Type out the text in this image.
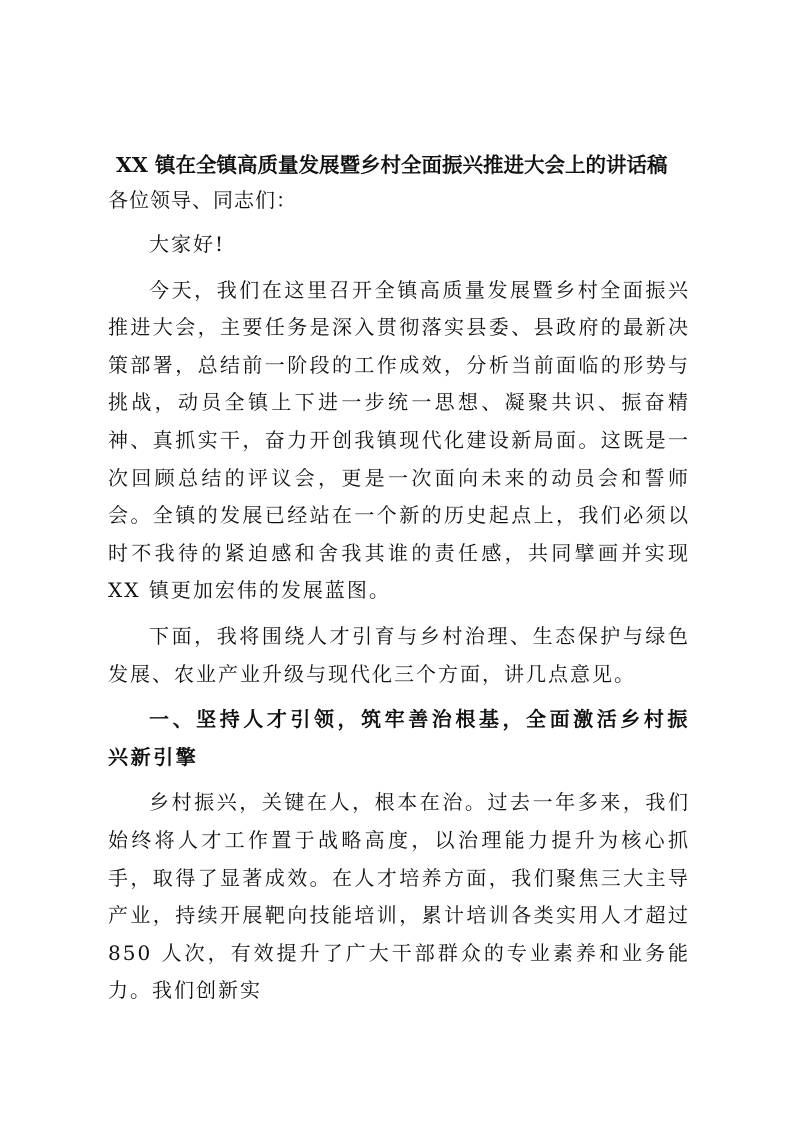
XX 镇在全镇高质量发展暨乡村全面振兴推进大会上的讲话稿

各位领导、同志们：

大家好!

今天，我们在这里召开全镇高质量发展暨乡村全面振兴推进大会，主要任务是深入贯彻落实县委、县政府的最新决策部署，总结前一阶段的工作成效，分析当前面临的形势与挑战，动员全镇上下进一步统一思想、凝聚共识、振奋精神、真抓实干，奋力开创我镇现代化建设新局面。这既是一次回顾总结的评议会，更是一次面向未来的动员会和誓师会。全镇的发展已经站在一个新的历史起点上，我们必须以时不我待的紧迫感和舍我其谁的责任感，共同擘画并实现 XX 镇更加宏伟的发展蓝图。

下面，我将围绕人才引育与乡村治理、生态保护与绿色发展、农业产业升级与现代化三个方面，讲几点意见。

一、坚持人才引领，筑牢善治根基，全面激活乡村振兴新引擎

乡村振兴，关键在人，根本在治。过去一年多来，我们始终将人才工作置于战略高度，以治理能力提升为核心抓手，取得了显著成效。在人才培养方面，我们聚焦三大主导产业，持续开展靶向技能培训，累计培训各类实用人才超过 850 人次，有效提升了广大干部群众的专业素养和业务能力。我们创新实
